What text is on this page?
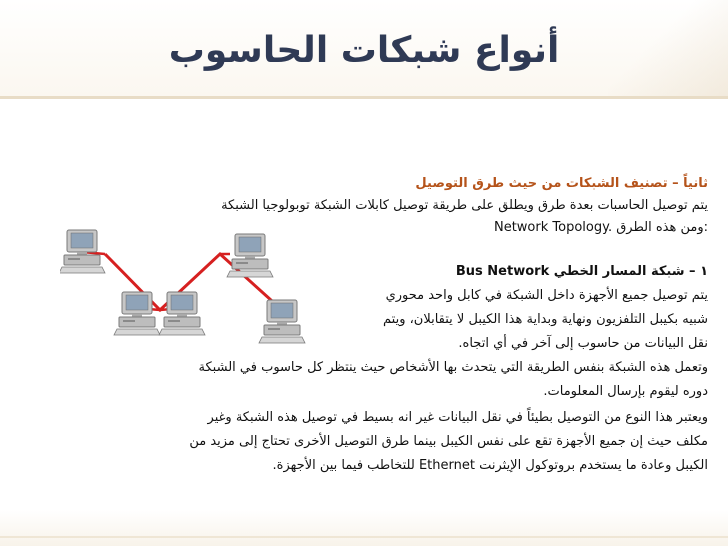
أنواع شبكات الحاسوب
ثانياً – تصنيف الشبكات من حيث طرق التوصيل
يتم توصيل الحاسبات بعدة طرق ويطلق على طريقة توصيل كابلات الشبكة توبولوجيا الشبكة
Network Topology. ومن هذه الطرق:
١ – شبكة المسار الخطي Bus Network
يتم توصيل جميع الأجهزة داخل الشبكة في كابل واحد محوري
شبيه بكيبل التلفزيون ونهاية وبداية هذا الكيبل لا يتقابلان، ويتم
نقل البيانات من حاسوب إلى آخر في أي اتجاه.
وتعمل هذه الشبكة بنفس الطريقة التي يتحدث بها الأشخاص حيث ينتظر كل حاسوب في الشبكة
دوره ليقوم بإرسال المعلومات.
ويعتبر هذا النوع من التوصيل بطيئاً في نقل البيانات غير انه بسيط في توصيل هذه الشبكة وغير
مكلف حيث إن جميع الأجهزة تقع على نفس الكيبل بينما طرق التوصيل الأخرى تحتاج إلى مزيد من
الكيبل وعادة ما يستخدم بروتوكول الإيثرنت Ethernet للتخاطب فيما بين الأجهزة.
